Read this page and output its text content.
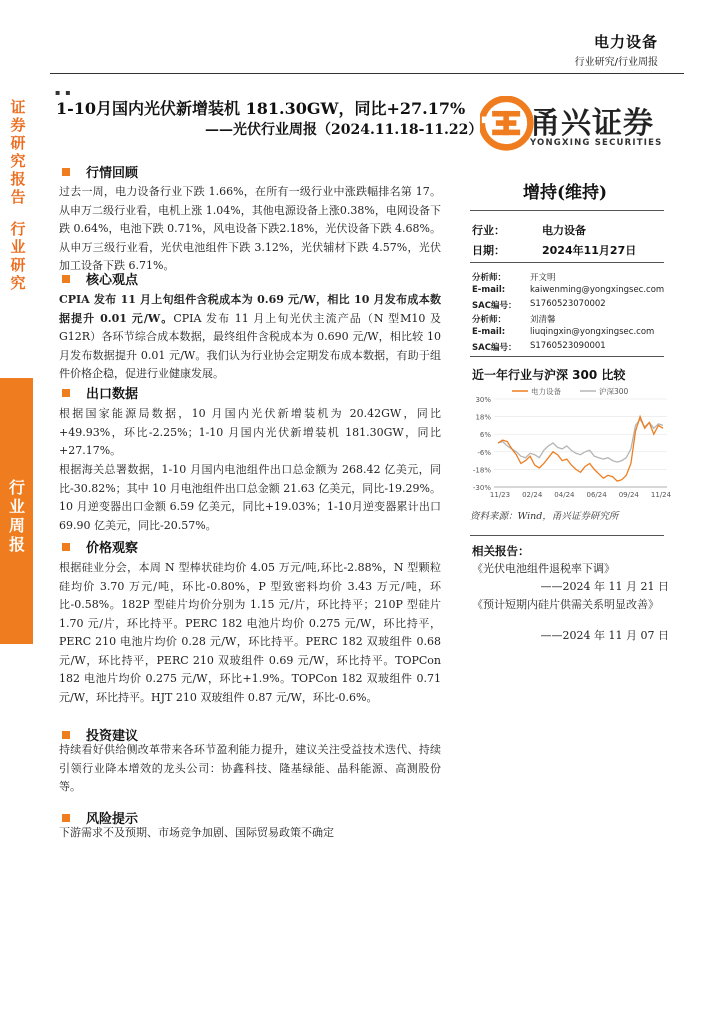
电力设备
行业研究/行业周报
证
券
研
究
报
告
行
业
研
究
行
业
周
报
▪ ▪
1-10月国内光伏新增装机 181.30GW，同比+27.17%
——光伏行业周报（2024.11.18-11.22） 甬兴证券
YONGXING SECURITIES
行情回顾
过去一周，电力设备行业下跌 1.66%，在所有一级行业中涨跌幅排名第 17。从申万二级行业看，电机上涨 1.04%，其他电源设备上涨0.38%，电网设备下跌 0.64%，电池下跌 0.71%，风电设备下跌2.18%，光伏设备下跌 4.68%。从申万三级行业看，光伏电池组件下跌 3.12%，光伏辅材下跌 4.57%，光伏加工设备下跌 6.71%。
核心观点
CPIA 发布 11 月上旬组件含税成本为 0.69 元/W，相比 10 月发布成本数据提升 0.01 元/W。CPIA 发布 11 月上旬光伏主流产品（N 型M10 及 G12R）各环节综合成本数据，最终组件含税成本为 0.690 元/W，相比较 10 月发布数据提升 0.01 元/W。我们认为行业协会定期发布成本数据，有助于组件价格企稳，促进行业健康发展。
出口数据
根据国家能源局数据，10 月国内光伏新增装机为 20.42GW，同比+49.93%，环比-2.25%；1-10 月国内光伏新增装机 181.30GW，同比+27.17%。
根据海关总署数据，1-10 月国内电池组件出口总金额为 268.42 亿美元，同比-30.82%；其中 10 月电池组件出口总金额 21.63 亿美元，同比-19.29%。10 月逆变器出口金额 6.59 亿美元，同比+19.03%；1-10月逆变器累计出口 69.90 亿美元，同比-20.57%。
价格观察
根据硅业分会，本周 N 型棒状硅均价 4.05 万元/吨,环比-2.88%，N 型颗粒硅均价 3.70 万元/吨，环比-0.80%，P 型致密料均价 3.43 万元/吨，环比-0.58%。182P 型硅片均价分别为 1.15 元/片，环比持平；210P 型硅片 1.70 元/片，环比持平。PERC 182 电池片均价 0.275 元/W，环比持平，PERC 210 电池片均价 0.28 元/W，环比持平。PERC 182 双玻组件 0.68 元/W，环比持平，PERC 210 双玻组件 0.69 元/W，环比持平。TOPCon 182 电池片均价 0.275 元/W，环比+1.9%。TOPCon 182 双玻组件 0.71 元/W，环比持平。HJT 210 双玻组件 0.87 元/W，环比-0.6%。
投资建议
持续看好供给侧改革带来各环节盈利能力提升，建议关注受益技术迭代、持续引领行业降本增效的龙头公司：协鑫科技、隆基绿能、晶科能源、高测股份等。
风险提示
下游需求不及预期、市场竞争加剧、国际贸易政策不确定
增持(维持)
行业：	电力设备
日期：	2024年11月27日
分析师：	开文明
E-mail:	kaiwenming@yongxingsec.com
SAC编号： S1760523070002
分析师：	刘清馨
E-mail:	liuqingxin@yongxingsec.com
SAC编号： S1760523090001
近一年行业与沪深 300 比较
30%
18%
6%
-6%
-18%
-30%
11/23 02/24 04/24 06/24 09/24 11/24
电力设备	沪深300
资料来源：Wind，甬兴证券研究所
相关报告：
《光伏电池组件退税率下调》
——2024 年 11 月 21 日
《预计短期内硅片供需关系明显改善》
——2024 年 11 月 07 日
